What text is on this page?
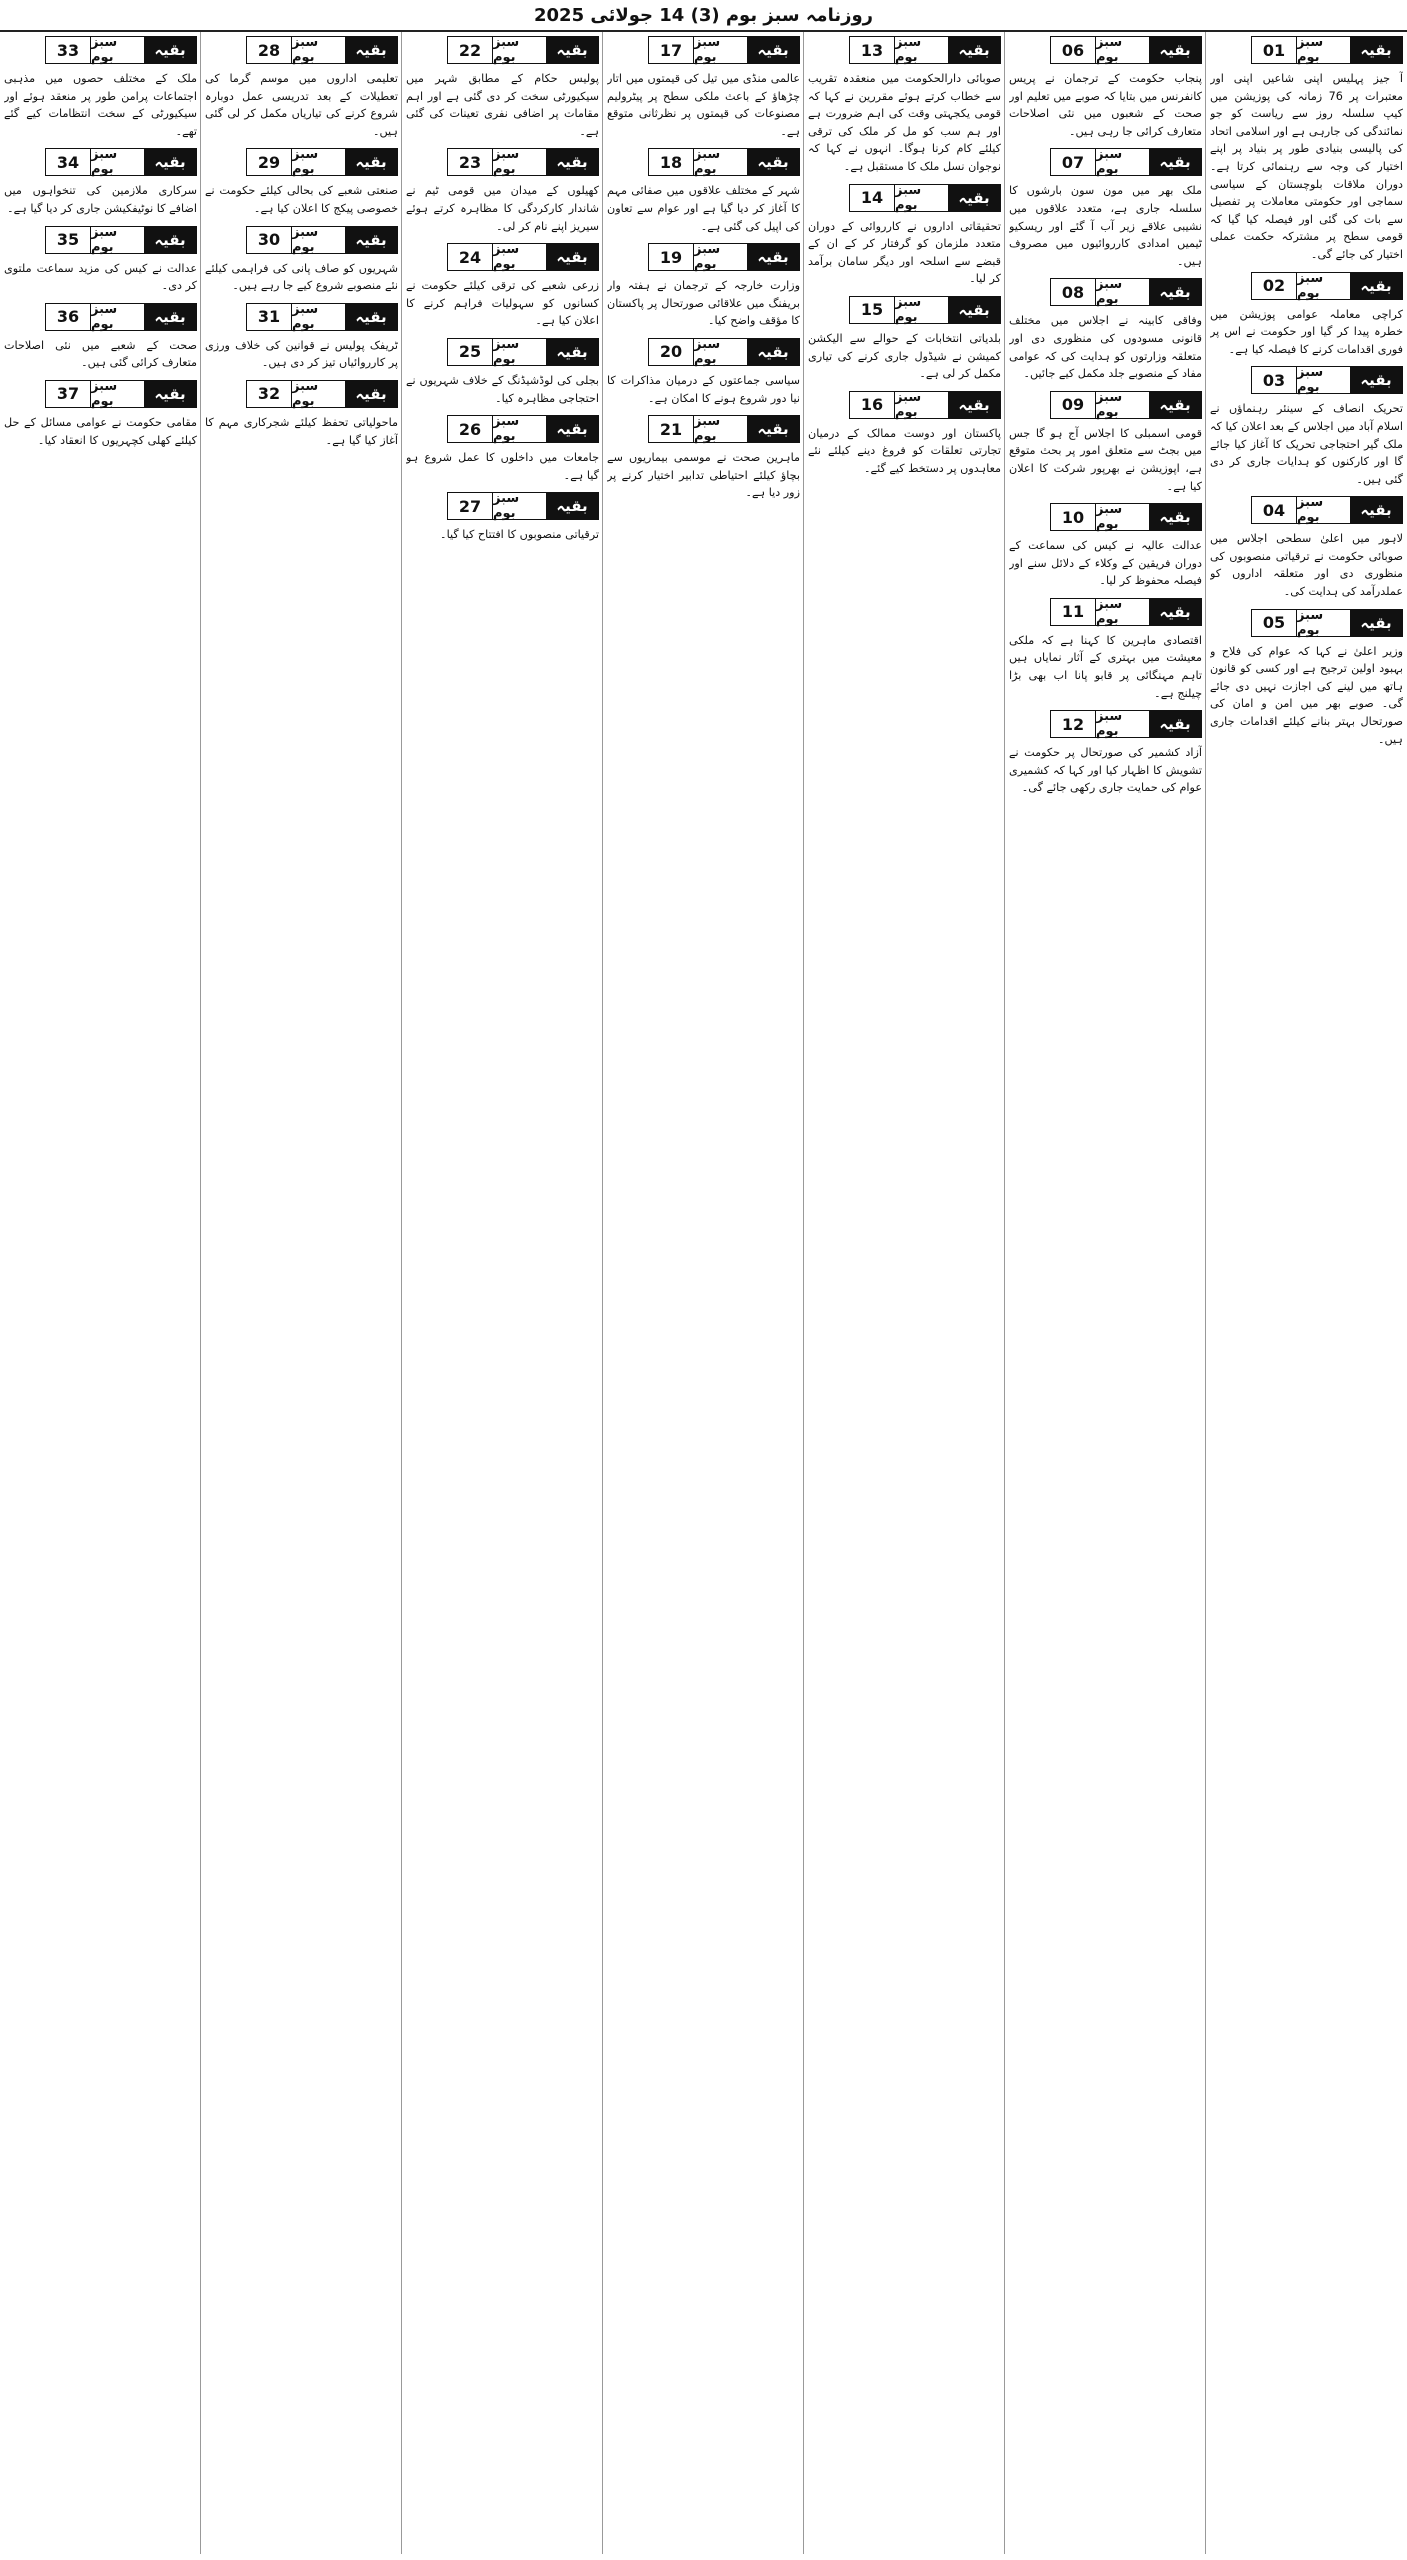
روزنامہ سبز بوم (3) 14 جولائی 2025
01 سبز بوم	بقیہ
آ جیز پہلیس اپنی شاعیں اپنی اور معتبرات پر 76 زمانہ کی پوزیشن میں کیپ سلسلہ روز سے ریاست کو جو نمائندگی کی جارہی ہے اور اسلامی اتحاد کی پالیسی بنیادی طور پر بنیاد پر اپنے اختیار کی وجہ سے رہنمائی کرتا ہے۔ دوران ملاقات بلوچستان کے سیاسی سماجی اور حکومتی معاملات پر تفصیل سے بات کی گئی اور فیصلہ کیا گیا کہ قومی سطح پر مشترکہ حکمت عملی اختیار کی جائے گی۔
02 سبز بوم	بقیہ
کراچی معاملہ عوامی پوزیشن میں خطرہ پیدا کر گیا اور حکومت نے اس پر فوری اقدامات کرنے کا فیصلہ کیا ہے۔
03 سبز بوم	بقیہ
تحریک انصاف کے سینئر رہنماؤں نے اسلام آباد میں اجلاس کے بعد اعلان کیا کہ ملک گیر احتجاجی تحریک کا آغاز کیا جائے گا اور کارکنوں کو ہدایات جاری کر دی گئی ہیں۔
04 سبز بوم	بقیہ
لاہور میں اعلیٰ سطحی اجلاس میں صوبائی حکومت نے ترقیاتی منصوبوں کی منظوری دی اور متعلقہ اداروں کو عملدرآمد کی ہدایت کی۔
05 سبز بوم	بقیہ
وزیر اعلیٰ نے کہا کہ عوام کی فلاح و بہبود اولین ترجیح ہے اور کسی کو قانون ہاتھ میں لینے کی اجازت نہیں دی جائے گی۔ صوبے بھر میں امن و امان کی صورتحال بہتر بنانے کیلئے اقدامات جاری ہیں۔
06 سبز بوم	بقیہ
پنجاب حکومت کے ترجمان نے پریس کانفرنس میں بتایا کہ صوبے میں تعلیم اور صحت کے شعبوں میں نئی اصلاحات متعارف کرائی جا رہی ہیں۔
07 سبز بوم	بقیہ
ملک بھر میں مون سون بارشوں کا سلسلہ جاری ہے، متعدد علاقوں میں نشیبی علاقے زیر آب آ گئے اور ریسکیو ٹیمیں امدادی کارروائیوں میں مصروف ہیں۔
08 سبز بوم	بقیہ
وفاقی کابینہ نے اجلاس میں مختلف قانونی مسودوں کی منظوری دی اور متعلقہ وزارتوں کو ہدایت کی کہ عوامی مفاد کے منصوبے جلد مکمل کیے جائیں۔
09 سبز بوم	بقیہ
قومی اسمبلی کا اجلاس آج ہو گا جس میں بجٹ سے متعلق امور پر بحث متوقع ہے، اپوزیشن نے بھرپور شرکت کا اعلان کیا ہے۔
10 سبز بوم	بقیہ
عدالت عالیہ نے کیس کی سماعت کے دوران فریقین کے وکلاء کے دلائل سنے اور فیصلہ محفوظ کر لیا۔
11 سبز بوم	بقیہ
اقتصادی ماہرین کا کہنا ہے کہ ملکی معیشت میں بہتری کے آثار نمایاں ہیں تاہم مہنگائی پر قابو پانا اب بھی بڑا چیلنج ہے۔
12 سبز بوم	بقیہ
آزاد کشمیر کی صورتحال پر حکومت نے تشویش کا اظہار کیا اور کہا کہ کشمیری عوام کی حمایت جاری رکھی جائے گی۔
13 سبز بوم	بقیہ
صوبائی دارالحکومت میں منعقدہ تقریب سے خطاب کرتے ہوئے مقررین نے کہا کہ قومی یکجہتی وقت کی اہم ضرورت ہے اور ہم سب کو مل کر ملک کی ترقی کیلئے کام کرنا ہوگا۔ انہوں نے کہا کہ نوجوان نسل ملک کا مستقبل ہے۔
14 سبز بوم	بقیہ
تحقیقاتی اداروں نے کارروائی کے دوران متعدد ملزمان کو گرفتار کر کے ان کے قبضے سے اسلحہ اور دیگر سامان برآمد کر لیا۔
15 سبز بوم	بقیہ
بلدیاتی انتخابات کے حوالے سے الیکشن کمیشن نے شیڈول جاری کرنے کی تیاری مکمل کر لی ہے۔
16 سبز بوم	بقیہ
پاکستان اور دوست ممالک کے درمیان تجارتی تعلقات کو فروغ دینے کیلئے نئے معاہدوں پر دستخط کیے گئے۔
17 سبز بوم	بقیہ
عالمی منڈی میں تیل کی قیمتوں میں اتار چڑھاؤ کے باعث ملکی سطح پر پیٹرولیم مصنوعات کی قیمتوں پر نظرثانی متوقع ہے۔
18 سبز بوم	بقیہ
شہر کے مختلف علاقوں میں صفائی مہم کا آغاز کر دیا گیا ہے اور عوام سے تعاون کی اپیل کی گئی ہے۔
19 سبز بوم	بقیہ
وزارت خارجہ کے ترجمان نے ہفتہ وار بریفنگ میں علاقائی صورتحال پر پاکستان کا مؤقف واضح کیا۔
20 سبز بوم	بقیہ
سیاسی جماعتوں کے درمیان مذاکرات کا نیا دور شروع ہونے کا امکان ہے۔
21 سبز بوم	بقیہ
ماہرین صحت نے موسمی بیماریوں سے بچاؤ کیلئے احتیاطی تدابیر اختیار کرنے پر زور دیا ہے۔
22 سبز بوم	بقیہ
پولیس حکام کے مطابق شہر میں سیکیورٹی سخت کر دی گئی ہے اور اہم مقامات پر اضافی نفری تعینات کی گئی ہے۔
23 سبز بوم	بقیہ
کھیلوں کے میدان میں قومی ٹیم نے شاندار کارکردگی کا مظاہرہ کرتے ہوئے سیریز اپنے نام کر لی۔
24 سبز بوم	بقیہ
زرعی شعبے کی ترقی کیلئے حکومت نے کسانوں کو سہولیات فراہم کرنے کا اعلان کیا ہے۔
25 سبز بوم	بقیہ
بجلی کی لوڈشیڈنگ کے خلاف شہریوں نے احتجاجی مظاہرہ کیا۔
26 سبز بوم	بقیہ
جامعات میں داخلوں کا عمل شروع ہو گیا ہے۔
27 سبز بوم	بقیہ
ترقیاتی منصوبوں کا افتتاح کیا گیا۔
28 سبز بوم	بقیہ
تعلیمی اداروں میں موسم گرما کی تعطیلات کے بعد تدریسی عمل دوبارہ شروع کرنے کی تیاریاں مکمل کر لی گئی ہیں۔
29 سبز بوم	بقیہ
صنعتی شعبے کی بحالی کیلئے حکومت نے خصوصی پیکج کا اعلان کیا ہے۔
30 سبز بوم	بقیہ
شہریوں کو صاف پانی کی فراہمی کیلئے نئے منصوبے شروع کیے جا رہے ہیں۔
31 سبز بوم	بقیہ
ٹریفک پولیس نے قوانین کی خلاف ورزی پر کارروائیاں تیز کر دی ہیں۔
32 سبز بوم	بقیہ
ماحولیاتی تحفظ کیلئے شجرکاری مہم کا آغاز کیا گیا ہے۔
33 سبز بوم	بقیہ
ملک کے مختلف حصوں میں مذہبی اجتماعات پرامن طور پر منعقد ہوئے اور سیکیورٹی کے سخت انتظامات کیے گئے تھے۔
34 سبز بوم	بقیہ
سرکاری ملازمین کی تنخواہوں میں اضافے کا نوٹیفکیشن جاری کر دیا گیا ہے۔
35 سبز بوم	بقیہ
عدالت نے کیس کی مزید سماعت ملتوی کر دی۔
36 سبز بوم	بقیہ
صحت کے شعبے میں نئی اصلاحات متعارف کرائی گئی ہیں۔
37 سبز بوم	بقیہ
مقامی حکومت نے عوامی مسائل کے حل کیلئے کھلی کچہریوں کا انعقاد کیا۔
